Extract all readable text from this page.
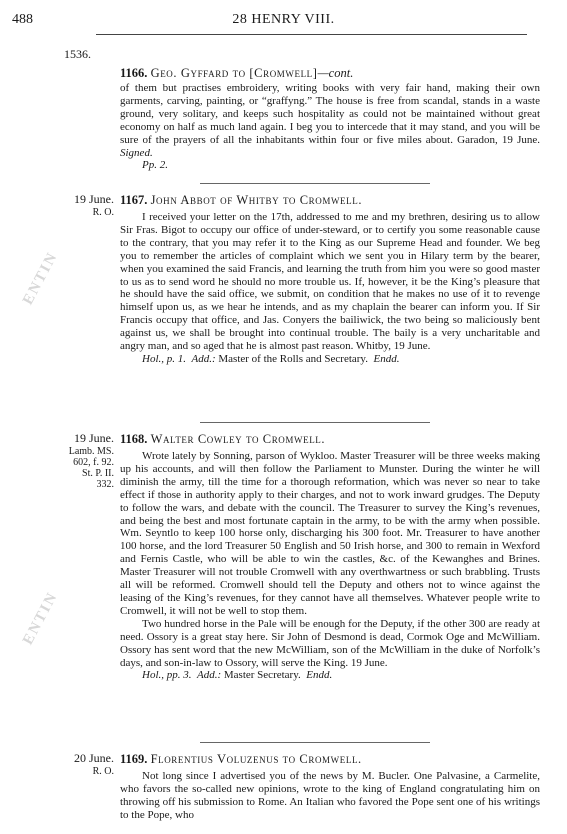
488	28 HENRY VIII.
1536.
ENTIN
ENTIN
1166. Geo. Gyffard to [Cromwell]—cont.

of them but practises embroidery, writing books with very fair hand, making their own garments, carving, painting, or “graffyng.” The house is free from scandal, stands in a waste ground, very solitary, and keeps such hospitality as could not be maintained without great economy on half as much land again. I beg you to intercede that it may stand, and you will be sure of the prayers of all the inhabitants within four or five miles about. Garadon, 19 June. Signed.

Pp. 2.
19 June.
R. O.
1167. John Abbot of Whitby to Cromwell.

I received your letter on the 17th, addressed to me and my brethren, desiring us to allow Sir Fras. Bigot to occupy our office of under-steward, or to certify you some reasonable cause to the contrary, that you may refer it to the King as our Supreme Head and founder. We beg you to remember the articles of complaint which we sent you in Hilary term by the bearer, when you examined the said Francis, and learning the truth from him you were so good master to us as to send word he should no more trouble us. If, however, it be the King’s pleasure that he should have the said office, we submit, on condition that he makes no use of it to revenge himself upon us, as we hear he intends, and as my chaplain the bearer can inform you. If Sir Francis occupy that office, and Jas. Conyers the bailiwick, the two being so maliciously bent against us, we shall be brought into continual trouble. The baily is a very uncharitable and angry man, and so aged that he is almost past reason. Whitby, 19 June.

Hol., p. 1. Add.: Master of the Rolls and Secretary. Endd.
19 June.
Lamb. MS.
602, f. 92.
St. P. II.
332.
1168. Walter Cowley to Cromwell.

Wrote lately by Sonning, parson of Wykloo. Master Treasurer will be three weeks making up his accounts, and will then follow the Parliament to Munster. During the winter he will diminish the army, till the time for a thorough reformation, which was never so near to take effect if those in authority apply to their charges, and not to work inward grudges. The Deputy to follow the wars, and debate with the council. The Treasurer to survey the King’s revenues, and being the best and most fortunate captain in the army, to be with the army when possible. Wm. Seyntlo to keep 100 horse only, discharging his 300 foot. Mr. Treasurer to have another 100 horse, and the lord Treasurer 50 English and 50 Irish horse, and 300 to remain in Wexford and Fernis Castle, who will be able to win the castles, &c. of the Kewanghes and Brines. Master Treasurer will not trouble Cromwell with any overthwartness or such brabbling. Trusts all will be reformed. Cromwell should tell the Deputy and others not to wince against the leasing of the King’s revenues, for they cannot have all themselves. Whatever people write to Cromwell, it will not be well to stop them.

Two hundred horse in the Pale will be enough for the Deputy, if the other 300 are ready at need. Ossory is a great stay here. Sir John of Desmond is dead, Cormok Oge and McWilliam. Ossory has sent word that the new McWilliam, son of the McWilliam in the duke of Norfolk’s days, and son-in-law to Ossory, will serve the King. 19 June.

Hol., pp. 3. Add.: Master Secretary. Endd.
20 June.
R. O.
1169. Florentius Voluzenus to Cromwell.

Not long since I advertised you of the news by M. Bucler. One Palvasine, a Carmelite, who favors the so-called new opinions, wrote to the king of England congratulating him on throwing off his submission to Rome. An Italian who favored the Pope sent one of his writings to the Pope, who
